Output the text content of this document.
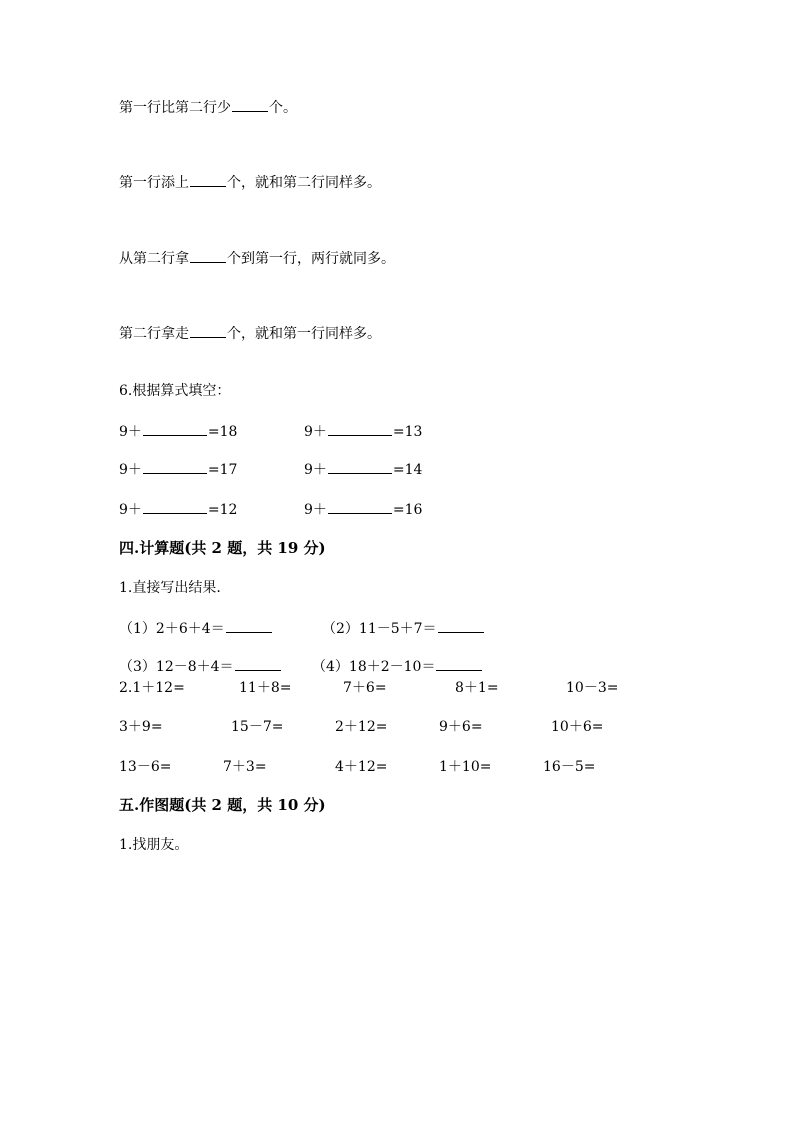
第一行比第二行少	个。
第一行添上	个，就和第二行同样多。
从第二行拿	个到第一行，两行就同多。
第二行拿走	个，就和第一行同样多。
6.根据算式填空：
9＋	=18	9＋	=13
9＋	=17	9＋	=14
9＋	=12	9＋	=16
四.计算题(共 2 题，共 19 分)
1.直接写出结果.
（1）2＋6＋4＝	（2）11－5＋7＝
（3）12－8＋4＝	（4）18＋2－10＝
2.1＋12=	11＋8=	7＋6=	8＋1=	10－3=
3＋9=	15－7=	2＋12=	9＋6=	10＋6=
13－6=	7＋3=	4＋12=	1＋10=	16－5=
五.作图题(共 2 题，共 10 分)
1.找朋友。
